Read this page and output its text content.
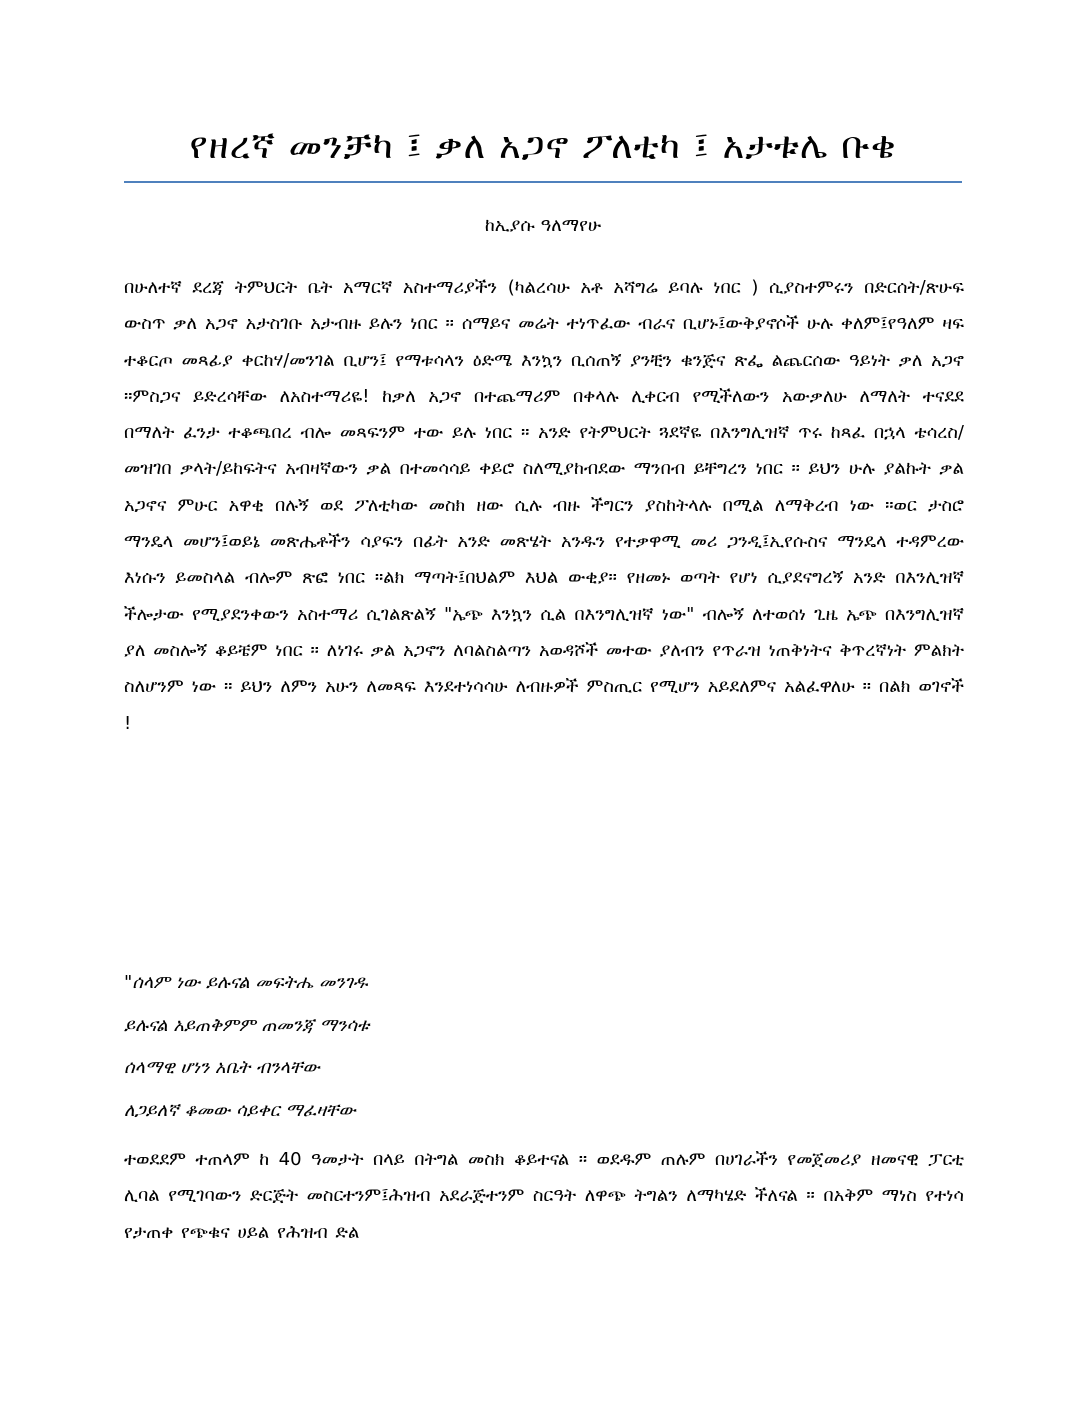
የዘረኛ መንቻካ ፤ ቃለ አጋኖ ፖለቲካ ፤ አታቱሌ ቡቄ

ከኢያሱ ዓለማየሁ

በሁለተኛ ደረጃ ትምህርት ቤት አማርኛ አስተማሪያችን (ካልረሳሁ አቶ አሻግሬ ይባሉ ነበር ) ሲያስተምሩን በድርሰት/ጽሁፍ ውስጥ ቃለ አጋኖ አታስገቡ አታብዙ ይሉን ነበር ። ሰማይና መሬት ተነጥፈው ብራና ቢሆኑ፤ውቅያኖሶች ሁሉ ቀለም፤የዓለም ዛፍ ተቆርጦ መጻፊያ ቀርከሃ/መንገል ቢሆን፤ የማቱሳላን ዕድሜ እንኳን ቢሰጠኝ ያንቺን ቁንጅና ጽፌ ልጨርሰው ዓይነት ቃለ አጋኖ ።ምስጋና ይድረሳቸው ለአስተማሪዬ! ከቃለ አጋኖ በተጨማሪም በቀላሉ ሊቀርብ የሚችለውን አውቃለሁ ለማለት ተናደደ በማለት ፈንታ ተቆጫበረ ብሎ መጻፍንም ተው ይሉ ነበር ። አንድ የትምህርት ጓደኛዬ በእንግሊዝኛ ጥሩ ከጻፈ በኋላ ቴሳረስ/መዝገበ ቃላት/ይከፍትና አብዛኛውን ቃል በተመሳሳይ ቀይሮ ስለሚያከብደው ማንበብ ይቸግረን ነበር ። ይህን ሁሉ ያልኩት ቃል አጋኖና ምሁር አዋቂ በሉኝ ወደ ፖለቲካው መስክ ዘው ሲሉ ብዙ ችግርን ያስከትላሉ በሚል ለማቅረብ ነው ።ወር ታስሮ ማንዴላ መሆን፤ወይኔ መጽሔቶችን ሳያፍን በፊት አንድ መጽሄት አንዱን የተቃዋሚ መሪ ጋንዲ፤ኢየሱስና ማንዴላ ተዳምረው እነሱን ይመስላል ብሎም ጽፎ ነበር ።ልክ ማጣት፤በህልም እህል ውቂያ። የዘመኑ ወጣት የሆነ ሲያደናግረኝ አንድ በእንሊዝኛ ችሎታው የሚያደንቀውን አስተማሪ ሲገልጽልኝ "ኤጭ እንኳን ሲል በእንግሊዝኛ ነው" ብሎኝ ለተወሰነ ጊዜ ኤጭ በእንግሊዝኛ ያለ መስሎኝ ቆይቼም ነበር ። ለነገሩ ቃል አጋኖን ለባልስልጣን አወዳሾች መተው ያለብን የጥራዝ ነጠቅነትና ቅጥረኛነት ምልክት ስለሆንም ነው ። ይህን ለምን አሁን ለመጻፍ እንደተነሳሳሁ ለብዙዎች ምስጢር የሚሆን አይደለምና አልፈዋለሁ ። በልክ ወገኖች !

"ሰላም ነው ይሉናል መፍትሔ መንገዱ
ይሉናል አይጠቅምም ጠመንጃ ማንሳቱ
ሰላማዊ ሆነን አቤት ብንላቸው
ለጋይለኛ ቆመው ሳይቀር ማፈዛቸው

ተወደደም ተጠላም ከ 40 ዓመታት በላይ በትግል መስክ ቆይተናል ። ወደዱም ጠሉም በሀገራችን የመጀመሪያ ዘመናዊ ፓርቲ ሊባል የሚገባውን ድርጅት መስርተንም፤ሕዝብ አደራጅተንም ስርዓት ለዋጭ ትግልን ለማካሄድ ችለናል ። በአቅም ማነስ የተነሳ የታጠቀ የጭቁና ሀይል የሕዝብ ድል
